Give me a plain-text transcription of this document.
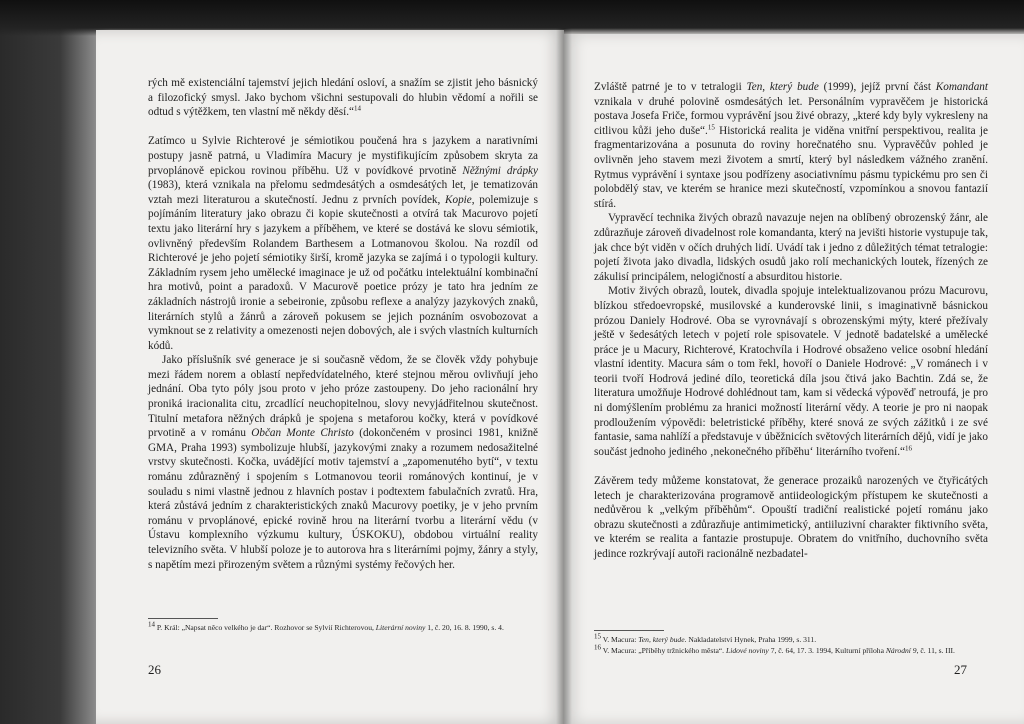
rých mě existenciální tajemství jejich hledání osloví, a snažím se zjistit jeho básnický a filozofický smysl. Jako bychom všichni sestupovali do hlubin vědomí a nořili se odtud s výtěžkem, ten vlastní mě někdy děsí.“$^{14}$

Zatímco u Sylvie Richterové je sémiotikou poučená hra s jazykem a narativními postupy jasně patrná, u Vladimíra Macury je mystifikujícím způsobem skryta za prvoplánově epickou rovinou příběhu. Už v povídkové prvotině Něžnými drápky (1983), která vznikala na přelomu sedmdesátých a osmdesátých let, je tematizován vztah mezi literaturou a skutečností. Jednu z prvních povídek, Kopie, polemizuje s pojímáním literatury jako obrazu či kopie skutečnosti a otvírá tak Macurovo pojetí textu jako literární hry s jazykem a příběhem, ve které se dostává ke slovu sémiotik, ovlivněný především Rolandem Barthesem a Lotmanovou školou. Na rozdíl od Richterové je jeho pojetí sémiotiky širší, kromě jazyka se zajímá i o typologii kultury. Základním rysem jeho umělecké imaginace je už od počátku intelektuální kombinační hra motivů, point a paradoxů. V Macurově poetice prózy je tato hra jedním ze základních nástrojů ironie a sebeironie, způsobu reflexe a analýzy jazykových znaků, literárních stylů a žánrů a zároveň pokusem se jejich poznáním osvobozovat a vymknout se z relativity a omezenosti nejen dobových, ale i svých vlastních kulturních kódů.

Jako příslušník své generace je si současně vědom, že se člověk vždy pohybuje mezi řádem norem a oblastí nepředvídatelného, které stejnou měrou ovlivňují jeho jednání. Oba tyto póly jsou proto v jeho próze zastoupeny. Do jeho racionální hry proniká iracionalita citu, zrcadlící neuchopitelnou, slovy nevyjádřitelnou skutečnost. Titulní metafora něžných drápků je spojena s metaforou kočky, která v povídkové prvotině a v románu Občan Monte Christo (dokončeném v prosinci 1981, knižně GMA, Praha 1993) symbolizuje hlubší, jazykovými znaky a rozumem nedosažitelné vrstvy skutečnosti. Kočka, uvádějící motiv tajemství a „zapomenutého bytí“, v textu románu zdůrazněný i spojením s Lotmanovou teorii románových kontinuí, je v souladu s nimi vlastně jednou z hlavních postav i podtextem fabulačních zvratů. Hra, která zůstává jedním z charakteristických znaků Macurovy poetiky, je v jeho prvním románu v prvoplánové, epické rovině hrou na literární tvorbu a literární vědu (v Ústavu komplexního výzkumu kultury, ÚSKOKU), obdobou virtuální reality televizního světa. V hlubší poloze je to autorova hra s literárními pojmy, žánry a styly, s napětím mezi přirozeným světem a různými systémy řečových her.

14 P. Král: „Napsat něco velkého je dar“. Rozhovor se Sylvií Richterovou, Literární noviny 1, č. 20, 16. 8. 1990, s. 4.
26

Zvláště patrné je to v tetralogii Ten, který bude (1999), jejíž první část Komandant vznikala v druhé polovině osmdesátých let. Personálním vypravěčem je historická postava Josefa Friče, formou vyprávění jsou živé obrazy, „které kdy byly vykresleny na citlivou kůži jeho duše“.$^{15}$ Historická realita je viděna vnitřní perspektivou, realita je fragmentarizována a posunuta do roviny horečnatého snu. Vypravěčův pohled je ovlivněn jeho stavem mezi životem a smrtí, který byl následkem vážného zranění. Rytmus vyprávění i syntaxe jsou podřízeny asociativnímu pásmu typickému pro sen či polobdělý stav, ve kterém se hranice mezi skutečností, vzpomínkou a snovou fantazií stírá.

Vypravěcí technika živých obrazů navazuje nejen na oblíbený obrozenský žánr, ale zdůrazňuje zároveň divadelnost role komandanta, který na jevišti historie vystupuje tak, jak chce být viděn v očích druhých lidí. Uvádí tak i jedno z důležitých témat tetralogie: pojetí života jako divadla, lidských osudů jako rolí mechanických loutek, řízených ze zákulisí principálem, nelogičností a absurditou historie.

Motiv živých obrazů, loutek, divadla spojuje intelektualizovanou prózu Macurovu, blízkou středoevropské, musilovské a kunderovské linii, s imaginativně básnickou prózou Daniely Hodrové. Oba se vyrovnávají s obrozenskými mýty, které přežívaly ještě v šedesátých letech v pojetí role spisovatele. V jednotě badatelské a umělecké práce je u Macury, Richterové, Kratochvíla i Hodrové obsaženo velice osobní hledání vlastní identity. Macura sám o tom řekl, hovoří o Daniele Hodrové: „V románech i v teorii tvoří Hodrová jediné dílo, teoretická díla jsou čtivá jako Bachtin. Zdá se, že literatura umožňuje Hodrové dohlédnout tam, kam si vědecká výpověď netroufá, je pro ni domýšlením problému za hranici možností literární vědy. A teorie je pro ni naopak prodloužením výpovědi: beletristické příběhy, které snová ze svých zážitků i ze své fantasie, sama nahlíží a představuje v úběžnicích světových literárních dějů, vidí je jako součást jednoho jediného ‚nekonečného příběhu‘ literárního tvoření.“$^{16}$

Závěrem tedy můžeme konstatovat, že generace prozaiků narozených ve čtyřicátých letech je charakterizována programově antiideologickým přístupem ke skutečnosti a nedůvěrou k „velkým příběhům“. Opouští tradiční realistické pojetí románu jako obrazu skutečnosti a zdůrazňuje antimimetický, antiiluzivní charakter fiktivního světa, ve kterém se realita a fantazie prostupuje. Obratem do vnitřního, duchovního světa jedince rozkrývají autoři racionálně nezbadatel-

15 V. Macura: Ten, který bude. Nakladatelství Hynek, Praha 1999, s. 311.
16 V. Macura: „Příběhy tržnického města“. Lidové noviny 7, č. 64, 17. 3. 1994, Kulturní příloha Národní 9, č. 11, s. III.
27
